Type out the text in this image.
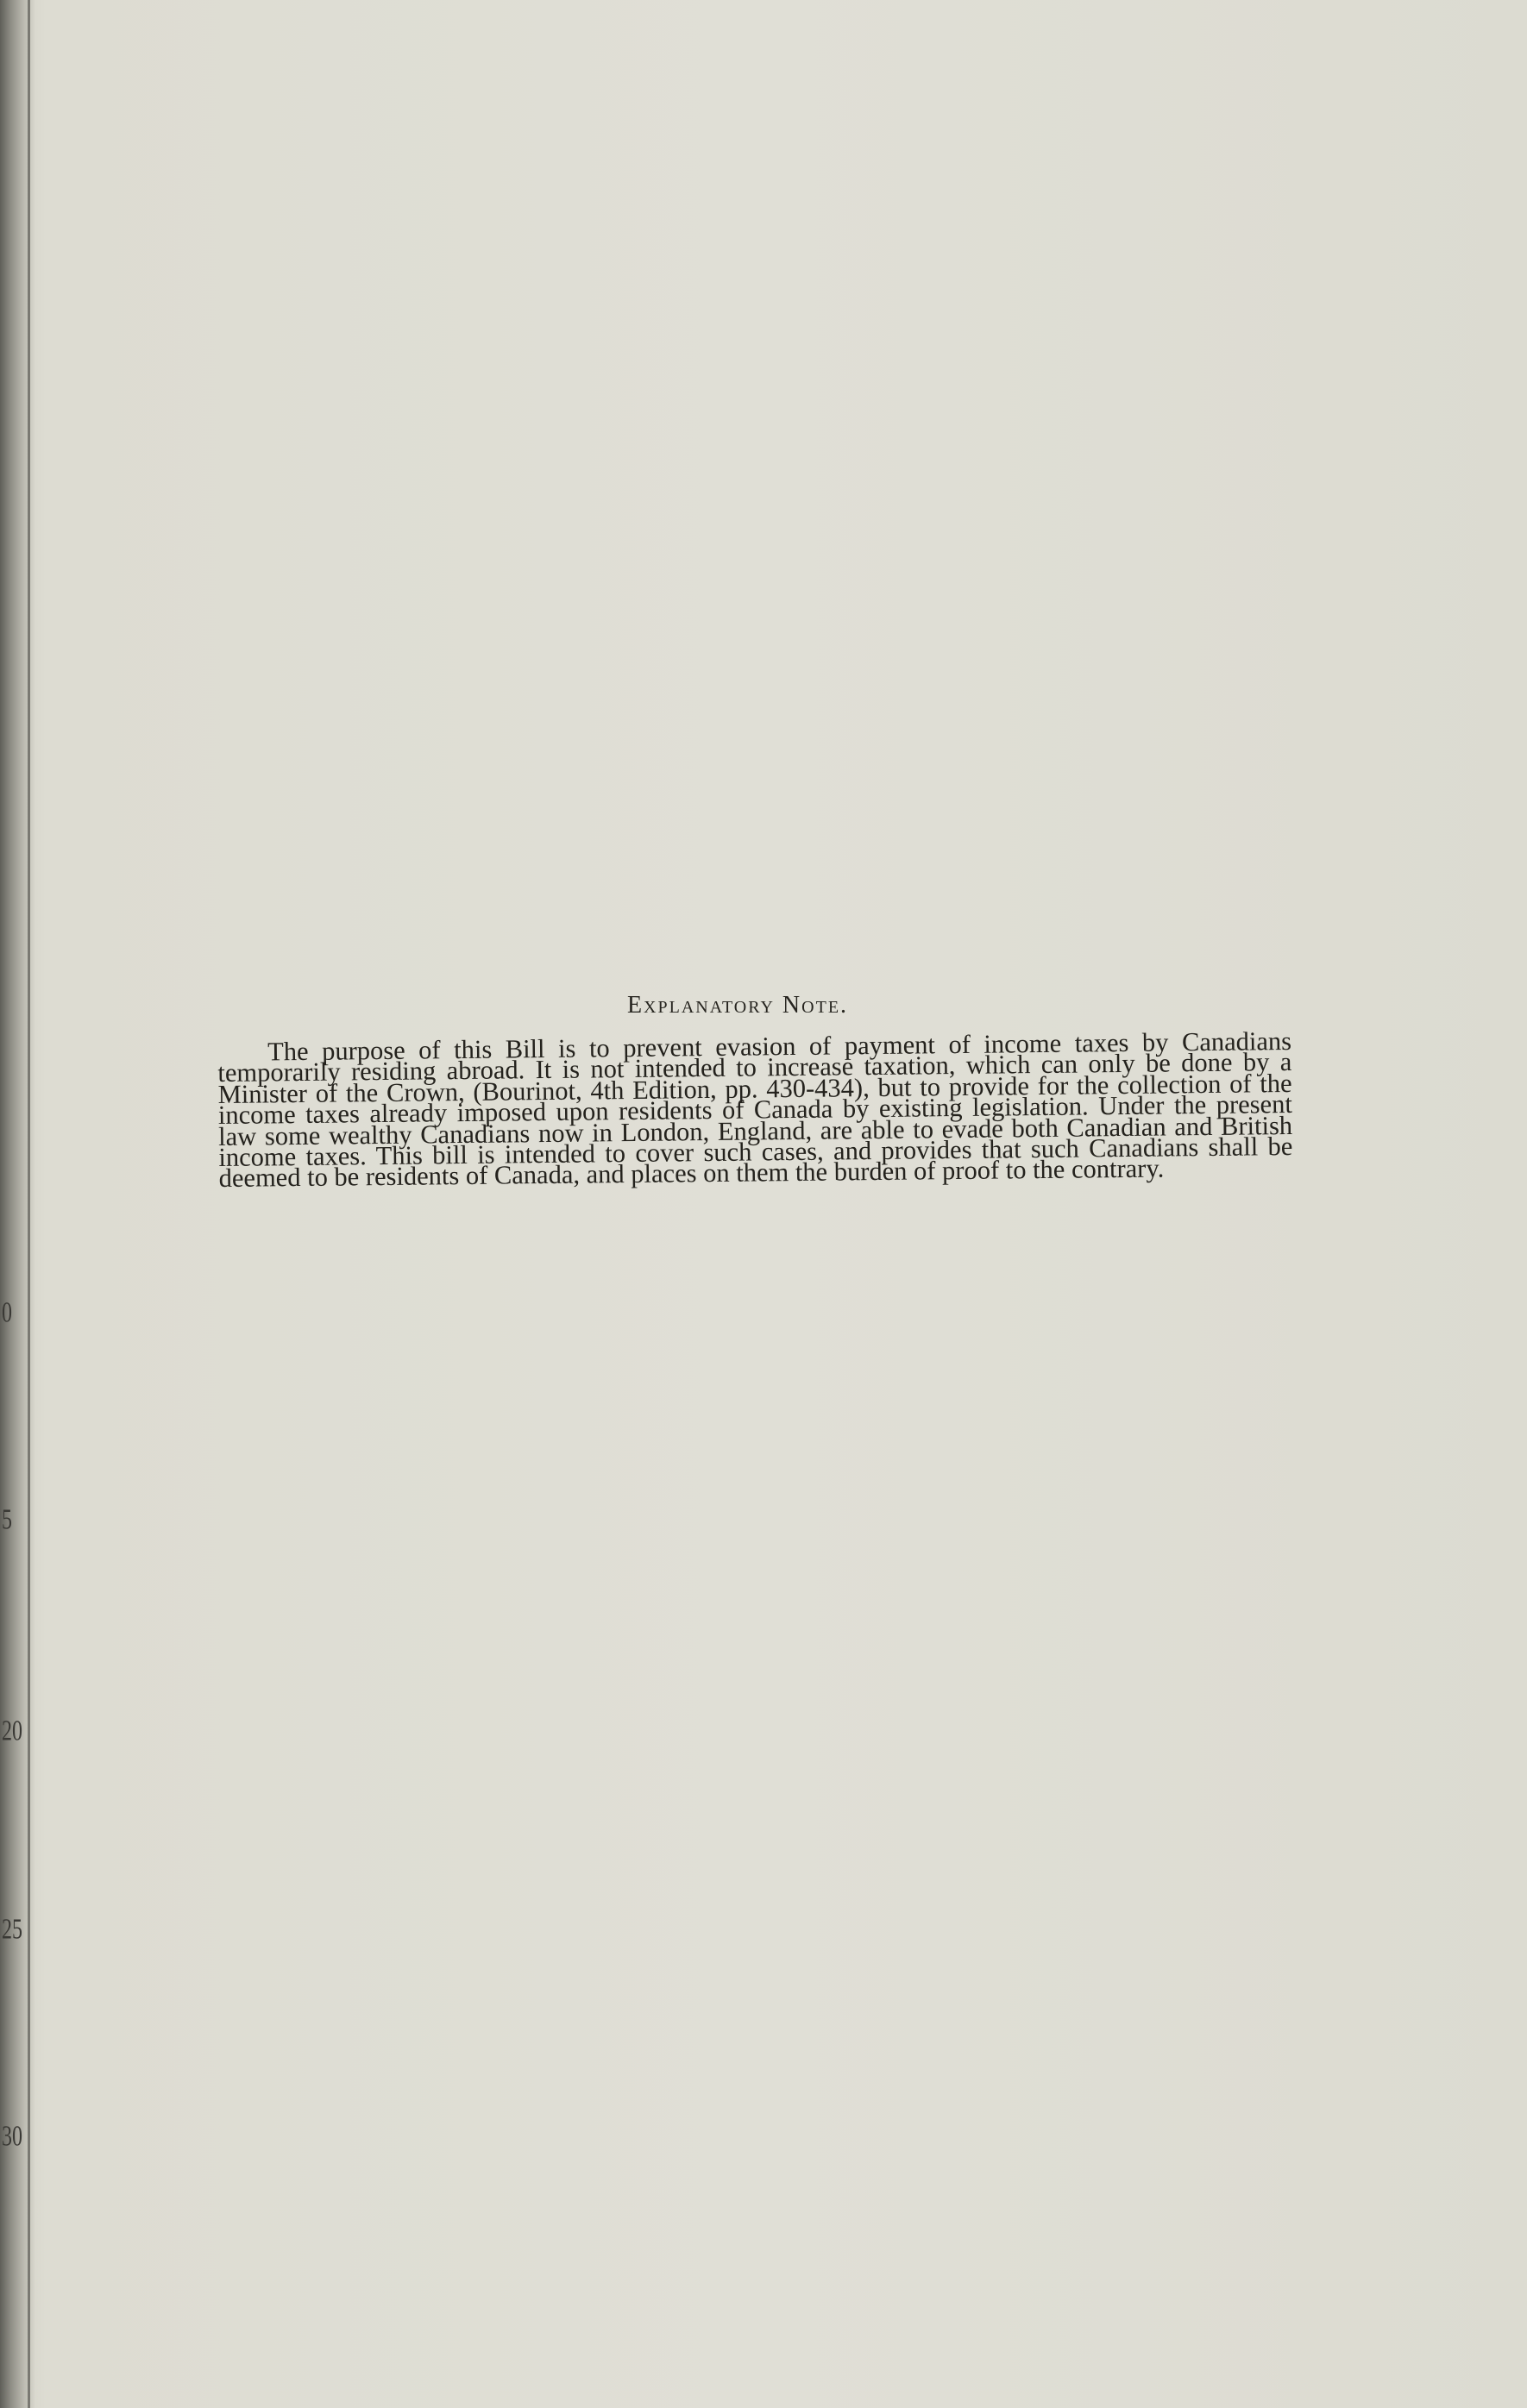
0
5
20
25
30
Explanatory Note.
The purpose of this Bill is to prevent evasion of payment of income taxes by Canadians temporarily residing abroad. It is not intended to increase taxation, which can only be done by a Minister of the Crown, (Bourinot, 4th Edition, pp. 430-434), but to provide for the collection of the income taxes already imposed upon residents of Canada by existing legislation. Under the present law some wealthy Canadians now in London, England, are able to evade both Canadian and British income taxes. This bill is intended to cover such cases, and provides that such Canadians shall be deemed to be residents of Canada, and places on them the burden of proof to the contrary.
